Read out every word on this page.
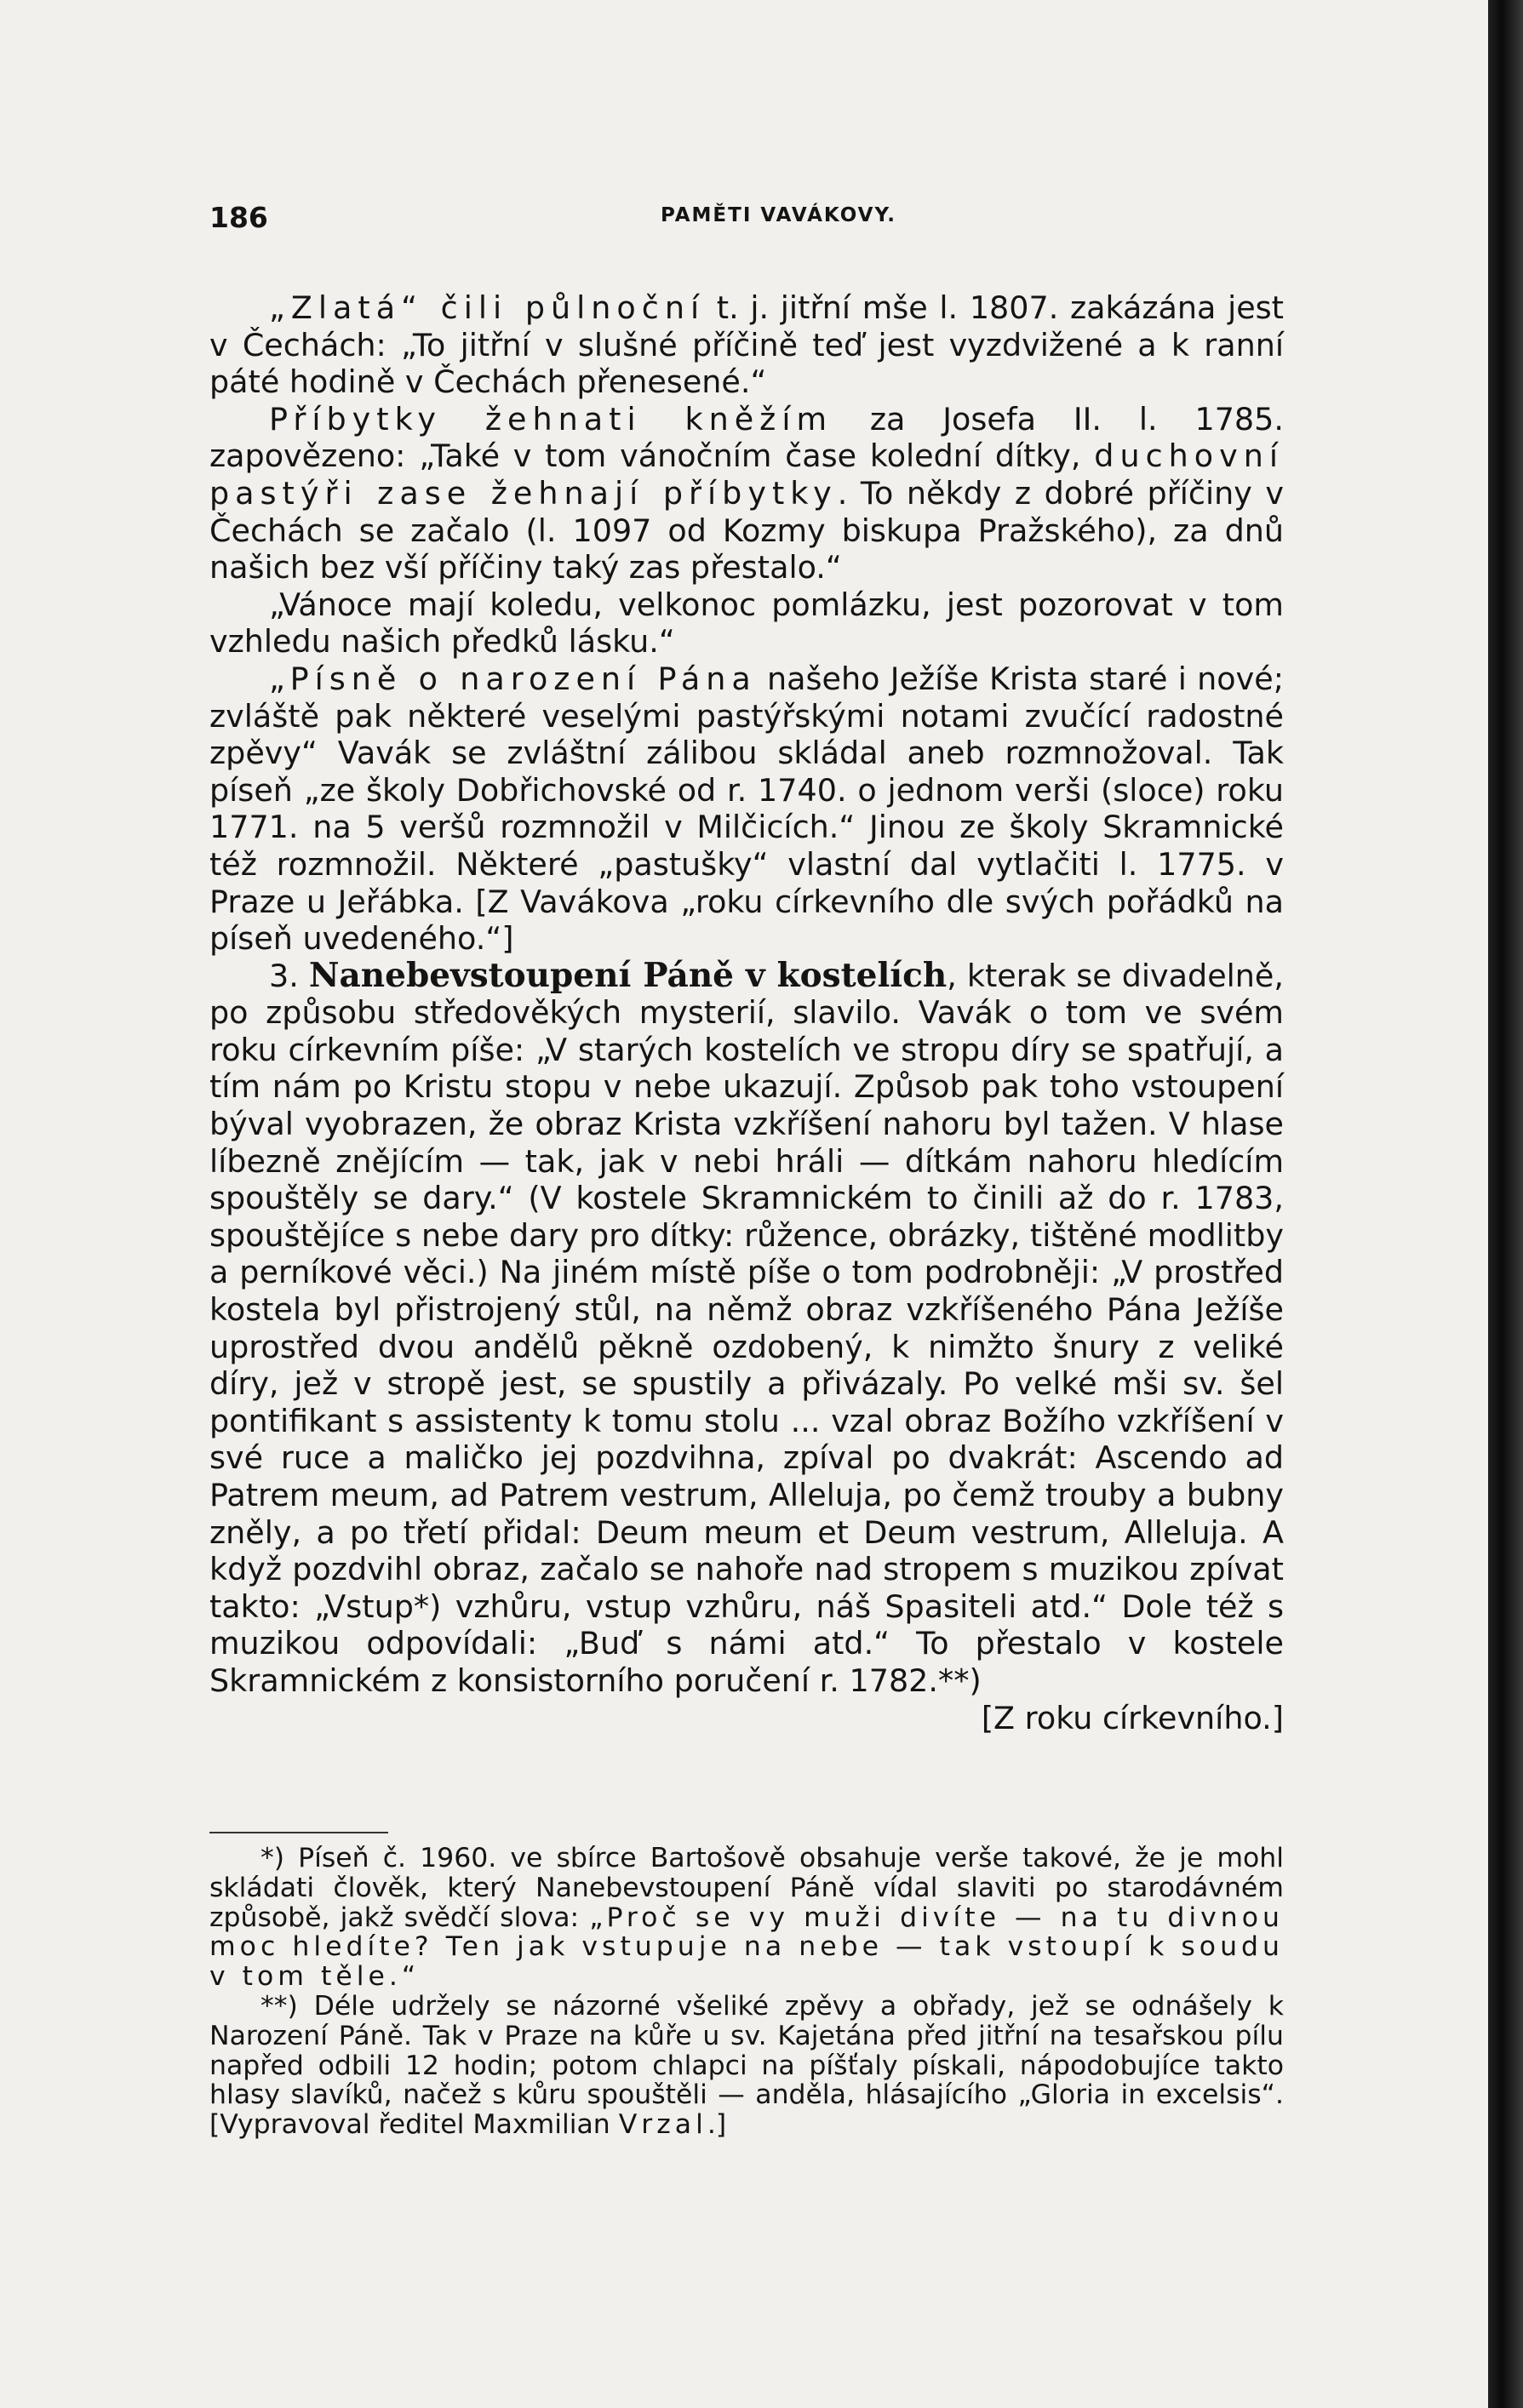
186	PAMĚTI VAVÁKOVY.

„Zlatá“ čili půlnoční t. j. jitřní mše l. 1807. zakázána jest v Čechách: „To jitřní v slušné příčině teď jest vyzdvižené a k ranní páté hodině v Čechách přenesené.“

Příbytky žehnati kněžím za Josefa II. l. 1785. zapovězeno: „Také v tom vánočním čase kolední dítky, duchovní pastýři zase žehnají příbytky. To někdy z dobré příčiny v Čechách se začalo (l. 1097 od Kozmy biskupa Pražského), za dnů našich bez vší příčiny taký zas přestalo.“

„Vánoce mají koledu, velkonoc pomlázku, jest pozorovat v tom vzhledu našich předků lásku.“

„Písně o narození Pána našeho Ježíše Krista staré i nové; zvláště pak některé veselými pastýřskými notami zvučící radostné zpěvy“ Vavák se zvláštní zálibou skládal aneb rozmnožoval. Tak píseň „ze školy Dobřichovské od r. 1740. o jednom verši (sloce) roku 1771. na 5 veršů rozmnožil v Milčicích.“ Jinou ze školy Skramnické též rozmnožil. Některé „pastušky“ vlastní dal vytlačiti l. 1775. v Praze u Jeřábka. [Z Vavákova „roku církevního dle svých pořádků na píseň uvedeného.“]

3. Nanebevstoupení Páně v kostelích, kterak se divadelně, po způsobu středověkých mysterií, slavilo. Vavák o tom ve svém roku církevním píše: „V starých kostelích ve stropu díry se spatřují, a tím nám po Kristu stopu v nebe ukazují. Způsob pak toho vstoupení býval vyobrazen, že obraz Krista vzkříšení nahoru byl tažen. V hlase líbezně znějícím — tak, jak v nebi hráli — dítkám nahoru hledícím spouštěly se dary.“ (V kostele Skramnickém to činili až do r. 1783, spouštějíce s nebe dary pro dítky: růžence, obrázky, tištěné modlitby a perníkové věci.) Na jiném místě píše o tom podrobněji: „V prostřed kostela byl přistrojený stůl, na němž obraz vzkříšeného Pána Ježíše uprostřed dvou andělů pěkně ozdobený, k nimžto šnury z veliké díry, jež v stropě jest, se spustily a přivázaly. Po velké mši sv. šel pontifikant s assistenty k tomu stolu ... vzal obraz Božího vzkříšení v své ruce a maličko jej pozdvihna, zpíval po dvakrát: Ascendo ad Patrem meum, ad Patrem vestrum, Alleluja, po čemž trouby a bubny zněly, a po třetí přidal: Deum meum et Deum vestrum, Alleluja. A když pozdvihl obraz, začalo se nahoře nad stropem s muzikou zpívat takto: „Vstup*) vzhůru, vstup vzhůru, náš Spasiteli atd.“ Dole též s muzikou odpovídali: „Buď s námi atd.“ To přestalo v kostele Skramnickém z konsistorního poručení r. 1782.**)
[Z roku církevního.]

*) Píseň č. 1960. ve sbírce Bartošově obsahuje verše takové, že je mohl skládati člověk, který Nanebevstoupení Páně vídal slaviti po starodávném způsobě, jakž svědčí slova: „Proč se vy muži divíte — na tu divnou moc hledíte? Ten jak vstupuje na nebe — tak vstoupí k soudu v tom těle.“

**) Déle udržely se názorné všeliké zpěvy a obřady, jež se odnášely k Narození Páně. Tak v Praze na kůře u sv. Kajetána před jitřní na tesařskou pílu napřed odbili 12 hodin; potom chlapci na píšťaly pískali, nápodobujíce takto hlasy slavíků, načež s kůru spouštěli — anděla, hlásajícího „Gloria in excelsis“. [Vypravoval ředitel Maxmilian Vrzal.]
